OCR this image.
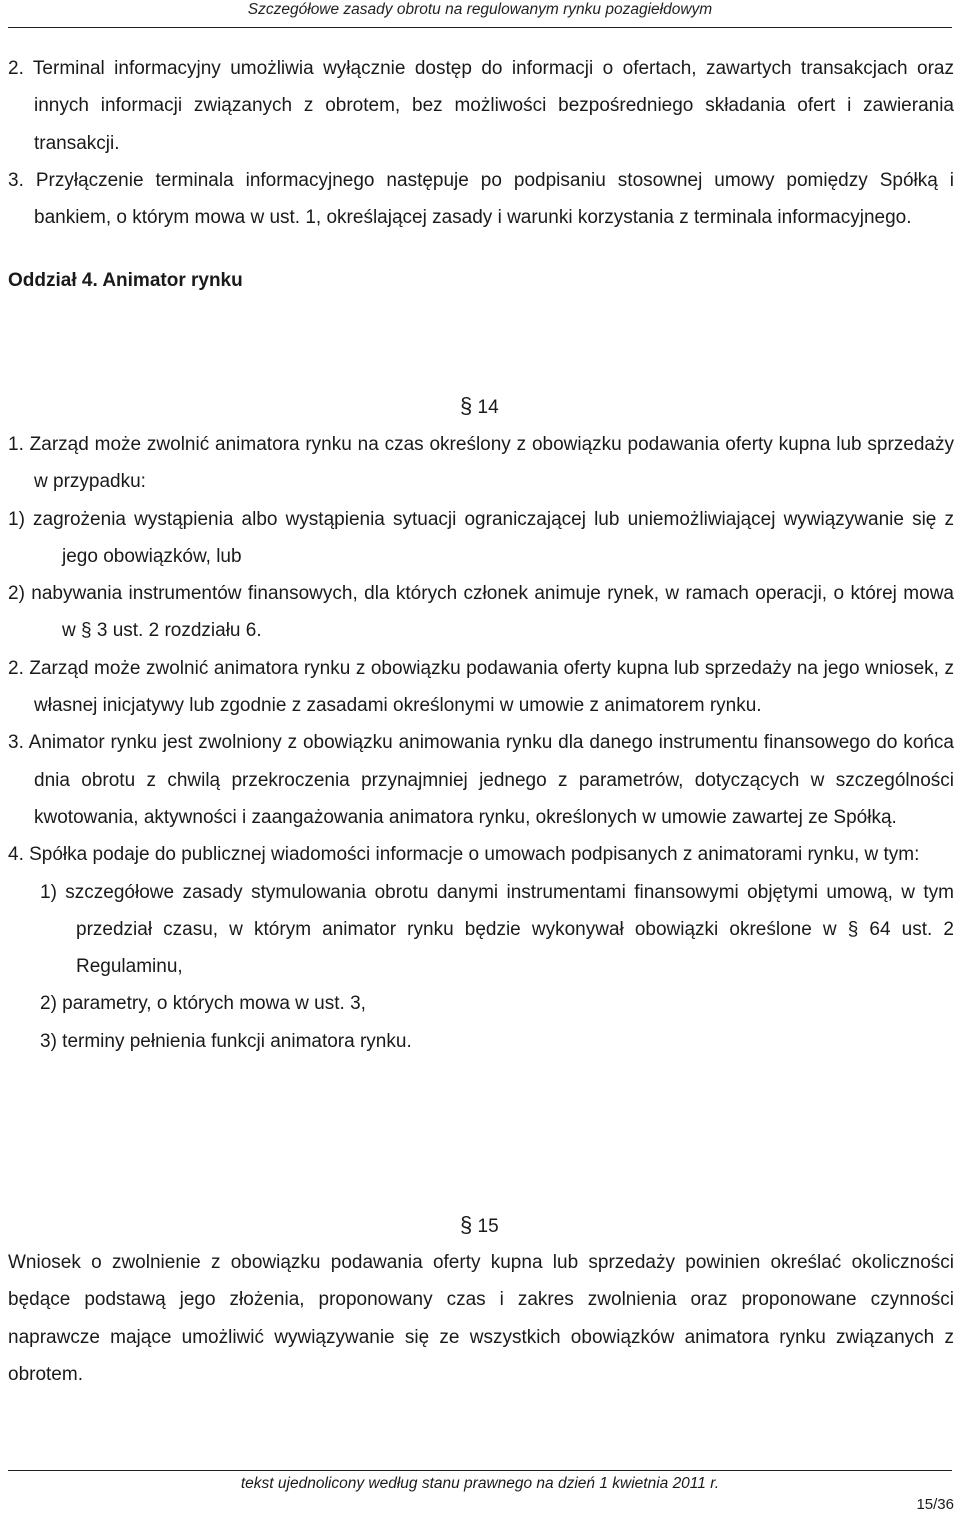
Szczegółowe zasady obrotu na regulowanym rynku pozagiełdowym

2. Terminal informacyjny umożliwia wyłącznie dostęp do informacji o ofertach, zawartych transakcjach oraz innych informacji związanych z obrotem, bez możliwości bezpośredniego składania ofert i zawierania transakcji.

3. Przyłączenie terminala informacyjnego następuje po podpisaniu stosownej umowy pomiędzy Spółką i bankiem, o którym mowa w ust. 1, określającej zasady i warunki korzystania z terminala informacyjnego.

Oddział 4. Animator rynku

§ 14

1. Zarząd może zwolnić animatora rynku na czas określony z obowiązku podawania oferty kupna lub sprzedaży w przypadku:

1) zagrożenia wystąpienia albo wystąpienia sytuacji ograniczającej lub uniemożliwiającej wywiązywanie się z jego obowiązków, lub

2) nabywania instrumentów finansowych, dla których członek animuje rynek, w ramach operacji, o której mowa w § 3 ust. 2 rozdziału 6.

2. Zarząd może zwolnić animatora rynku z obowiązku podawania oferty kupna lub sprzedaży na jego wniosek, z własnej inicjatywy lub zgodnie z zasadami określonymi w umowie z animatorem rynku.

3. Animator rynku jest zwolniony z obowiązku animowania rynku dla danego instrumentu finansowego do końca dnia obrotu z chwilą przekroczenia przynajmniej jednego z parametrów, dotyczących w szczególności kwotowania, aktywności i zaangażowania animatora rynku, określonych w umowie zawartej ze Spółką.

4. Spółka podaje do publicznej wiadomości informacje o umowach podpisanych z animatorami rynku, w tym:

1) szczegółowe zasady stymulowania obrotu danymi instrumentami finansowymi objętymi umową, w tym przedział czasu, w którym animator rynku będzie wykonywał obowiązki określone w § 64 ust. 2 Regulaminu,

2) parametry, o których mowa w ust. 3,

3) terminy pełnienia funkcji animatora rynku.

§ 15

Wniosek o zwolnienie z obowiązku podawania oferty kupna lub sprzedaży powinien określać okoliczności będące podstawą jego złożenia, proponowany czas i zakres zwolnienia oraz proponowane czynności naprawcze mające umożliwić wywiązywanie się ze wszystkich obowiązków animatora rynku związanych z obrotem.

tekst ujednolicony według stanu prawnego na dzień 1 kwietnia 2011 r.
15/36
